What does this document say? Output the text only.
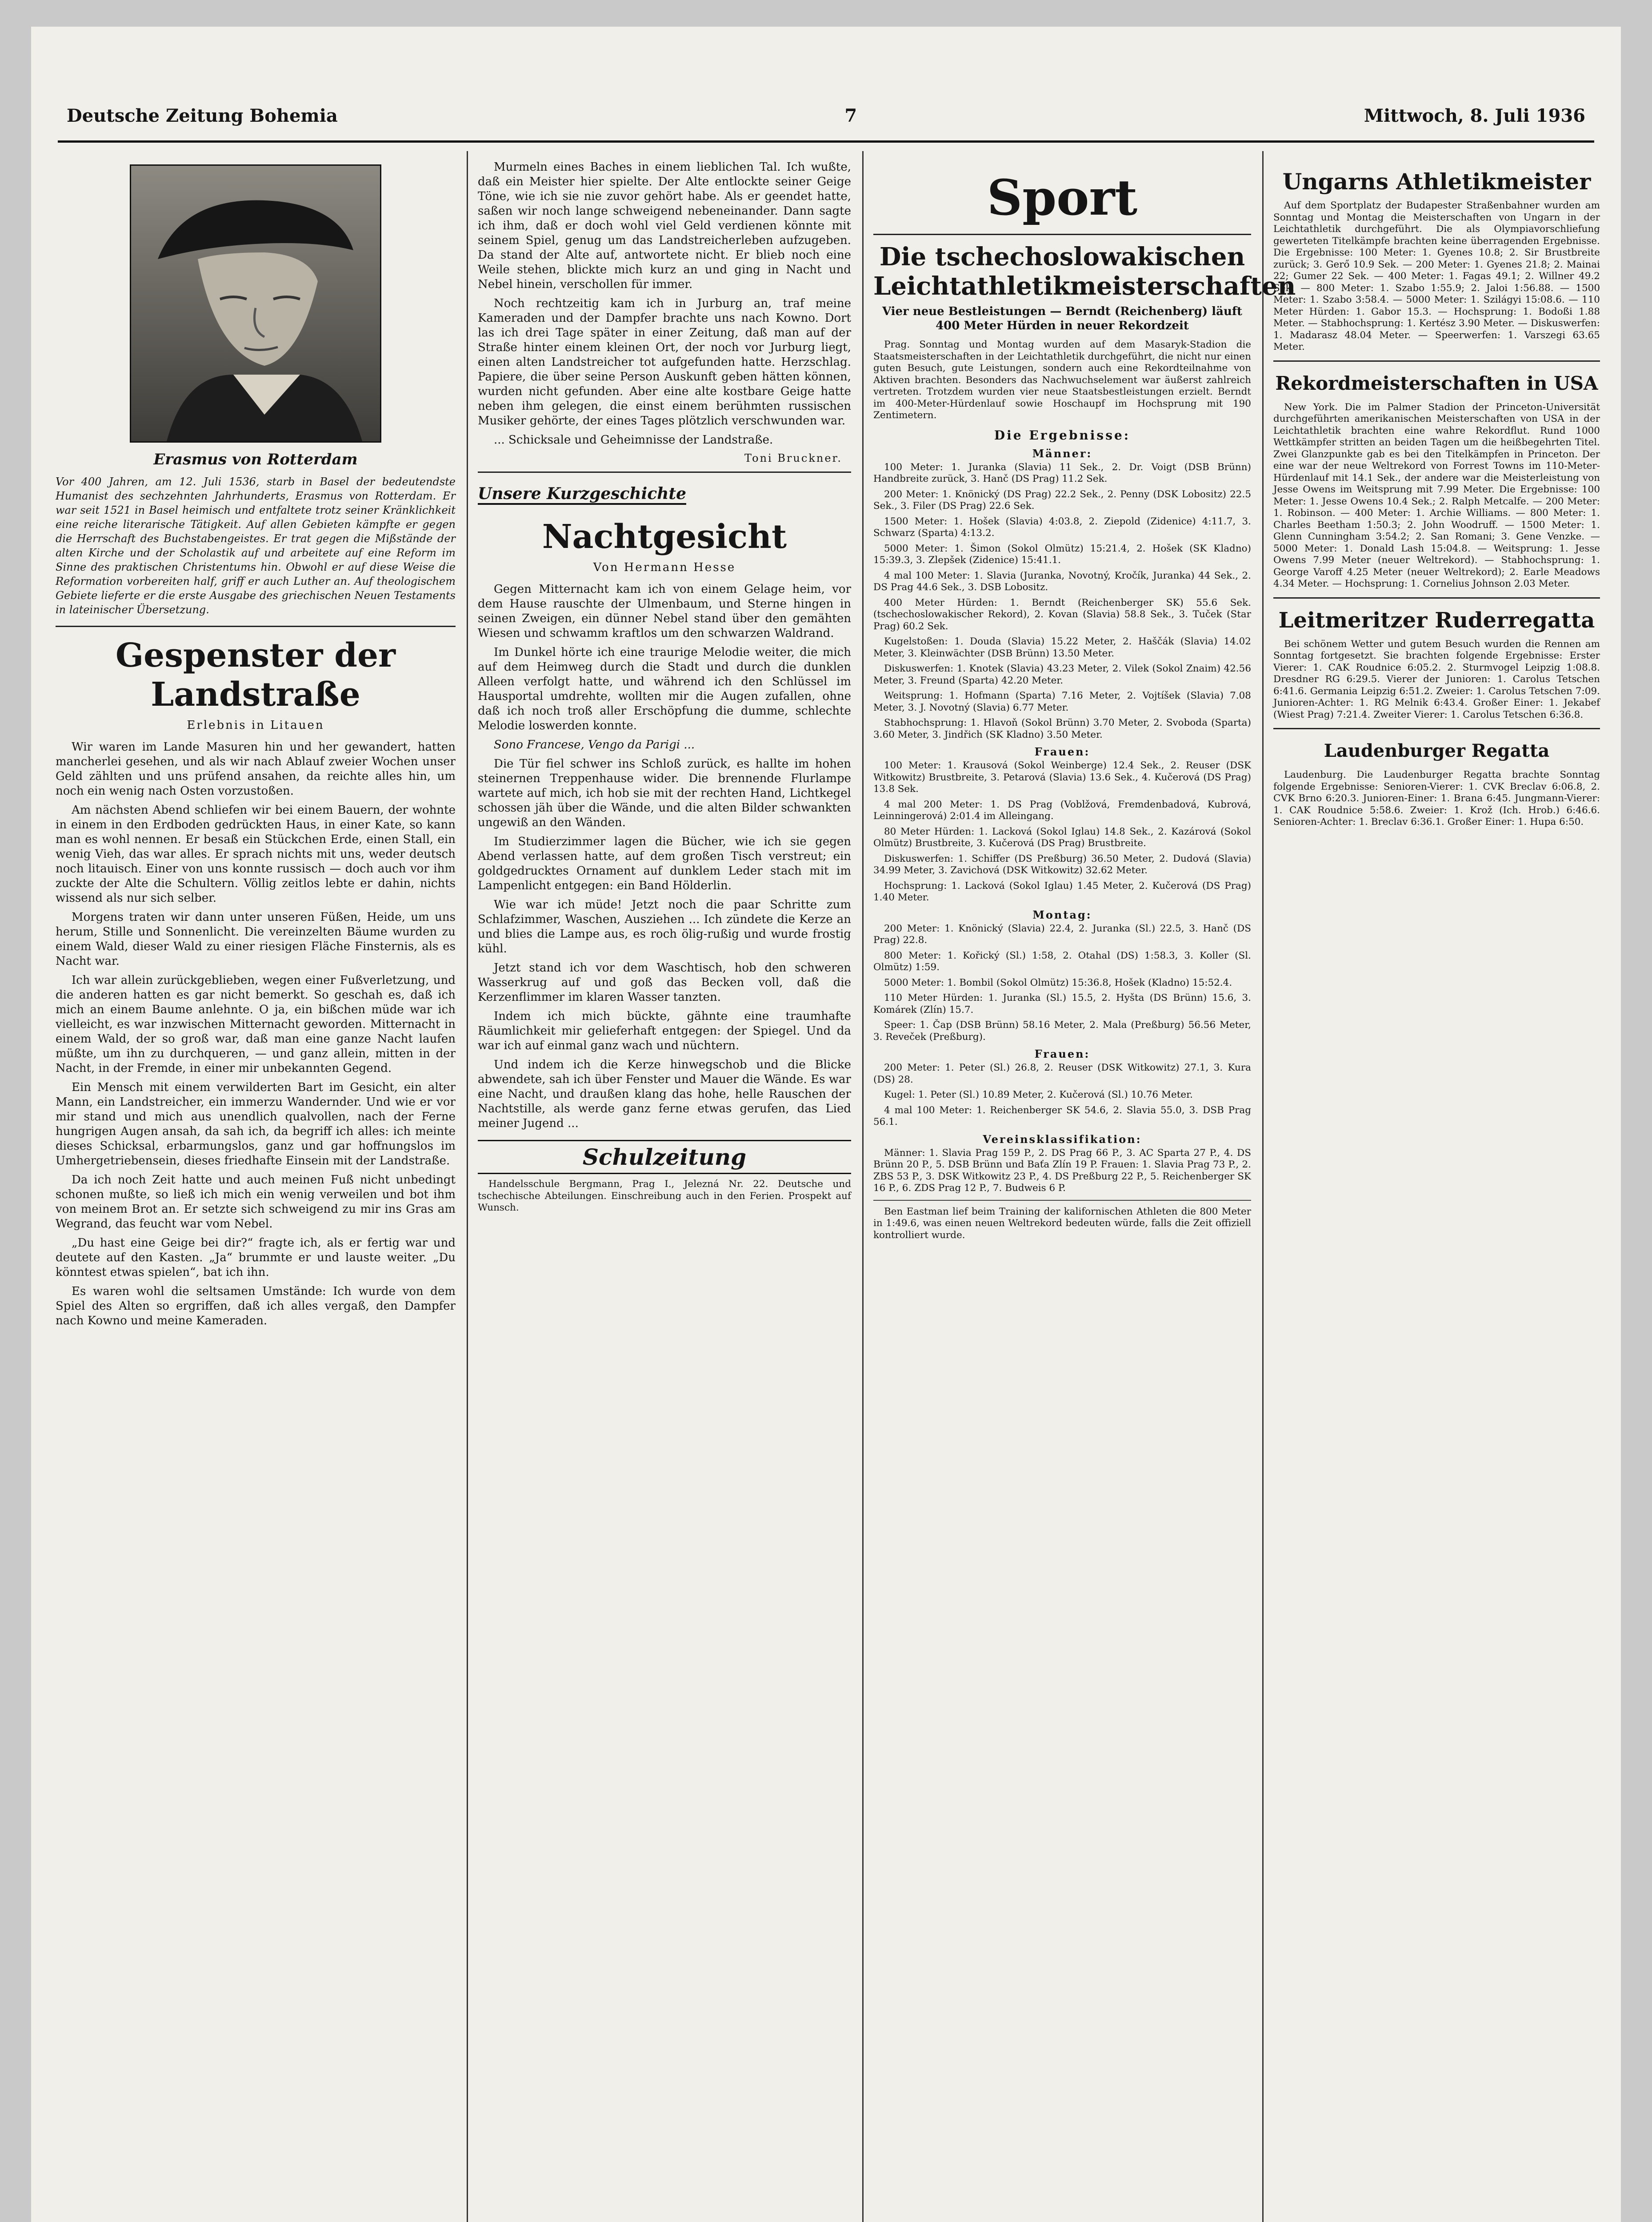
Deutsche Zeitung Bohemia	7	Mittwoch, 8. Juli 1936
Erasmus von Rotterdam
Vor 400 Jahren, am 12. Juli 1536, starb in Basel der bedeutendste Humanist des sechzehnten Jahrhunderts, Erasmus von Rotterdam. Er war seit 1521 in Basel heimisch und entfaltete trotz seiner Kränklichkeit eine reiche literarische Tätigkeit. Auf allen Gebieten kämpfte er gegen die Herrschaft des Buchstabengeistes. Er trat gegen die Mißstände der alten Kirche und der Scholastik auf und arbeitete auf eine Reform im Sinne des praktischen Christentums hin. Obwohl er auf diese Weise die Reformation vorbereiten half, griff er auch Luther an. Auf theologischem Gebiete lieferte er die erste Ausgabe des griechischen Neuen Testaments in lateinischer Übersetzung.
Gespenster der Landstraße
Erlebnis in Litauen

Wir waren im Lande Masuren hin und her gewandert, hatten mancherlei gesehen, und als wir nach Ablauf zweier Wochen unser Geld zählten und uns prüfend ansahen, da reichte alles hin, um noch ein wenig nach Osten vorzustoßen.

Am nächsten Abend schliefen wir bei einem Bauern, der wohnte in einem in den Erdboden gedrückten Haus, in einer Kate, so kann man es wohl nennen. Er besaß ein Stückchen Erde, einen Stall, ein wenig Vieh, das war alles. Er sprach nichts mit uns, weder deutsch noch litauisch. Einer von uns konnte russisch — doch auch vor ihm zuckte der Alte die Schultern. Völlig zeitlos lebte er dahin, nichts wissend als nur sich selber.

Morgens traten wir dann unter unseren Füßen, Heide, um uns herum, Stille und Sonnenlicht. Die vereinzelten Bäume wurden zu einem Wald, dieser Wald zu einer riesigen Fläche Finsternis, als es Nacht war.

Ich war allein zurückgeblieben, wegen einer Fußverletzung, und die anderen hatten es gar nicht bemerkt. So geschah es, daß ich mich an einem Baume anlehnte. O ja, ein bißchen müde war ich vielleicht, es war inzwischen Mitternacht geworden. Mitternacht in einem Wald, der so groß war, daß man eine ganze Nacht laufen müßte, um ihn zu durchqueren, — und ganz allein, mitten in der Nacht, in der Fremde, in einer mir unbekannten Gegend.

Ein Mensch mit einem verwilderten Bart im Gesicht, ein alter Mann, ein Landstreicher, ein immerzu Wandernder. Und wie er vor mir stand und mich aus unendlich qualvollen, nach der Ferne hungrigen Augen ansah, da sah ich, da begriff ich alles: ich meinte dieses Schicksal, erbarmungslos, ganz und gar hoffnungslos im Umhergetriebensein, dieses friedhafte Einsein mit der Landstraße.

Da ich noch Zeit hatte und auch meinen Fuß nicht unbedingt schonen mußte, so ließ ich mich ein wenig verweilen und bot ihm von meinem Brot an. Er setzte sich schweigend zu mir ins Gras am Wegrand, das feucht war vom Nebel.

„Du hast eine Geige bei dir?“ fragte ich, als er fertig war und deutete auf den Kasten. „Ja“ brummte er und lauste weiter. „Du könntest etwas spielen“, bat ich ihn.

Es waren wohl die seltsamen Umstände: Ich wurde von dem Spiel des Alten so ergriffen, daß ich alles vergaß, den Dampfer nach Kowno und meine Kameraden.

Murmeln eines Baches in einem lieblichen Tal. Ich wußte, daß ein Meister hier spielte. Der Alte entlockte seiner Geige Töne, wie ich sie nie zuvor gehört habe. Als er geendet hatte, saßen wir noch lange schweigend nebeneinander. Dann sagte ich ihm, daß er doch wohl viel Geld verdienen könnte mit seinem Spiel, genug um das Landstreicherleben aufzugeben. Da stand der Alte auf, antwortete nicht. Er blieb noch eine Weile stehen, blickte mich kurz an und ging in Nacht und Nebel hinein, verschollen für immer.

Noch rechtzeitig kam ich in Jurburg an, traf meine Kameraden und der Dampfer brachte uns nach Kowno. Dort las ich drei Tage später in einer Zeitung, daß man auf der Straße hinter einem kleinen Ort, der noch vor Jurburg liegt, einen alten Landstreicher tot aufgefunden hatte. Herzschlag. Papiere, die über seine Person Auskunft geben hätten können, wurden nicht gefunden. Aber eine alte kostbare Geige hatte neben ihm gelegen, die einst einem berühmten russischen Musiker gehörte, der eines Tages plötzlich verschwunden war.

... Schicksale und Geheimnisse der Landstraße.

Toni Bruckner.
Unsere Kurzgeschichte
Nachtgesicht
Von Hermann Hesse

Gegen Mitternacht kam ich von einem Gelage heim, vor dem Hause rauschte der Ulmenbaum, und Sterne hingen in seinen Zweigen, ein dünner Nebel stand über den gemähten Wiesen und schwamm kraftlos um den schwarzen Waldrand.

Im Dunkel hörte ich eine traurige Melodie weiter, die mich auf dem Heimweg durch die Stadt und durch die dunklen Alleen verfolgt hatte, und während ich den Schlüssel im Hausportal umdrehte, wollten mir die Augen zufallen, ohne daß ich noch troß aller Erschöpfung die dumme, schlechte Melodie loswerden konnte.

Sono Francese, Vengo da Parigi ...

Die Tür fiel schwer ins Schloß zurück, es hallte im hohen steinernen Treppenhause wider. Die brennende Flurlampe wartete auf mich, ich hob sie mit der rechten Hand, Lichtkegel schossen jäh über die Wände, und die alten Bilder schwankten ungewiß an den Wänden.

Im Studierzimmer lagen die Bücher, wie ich sie gegen Abend verlassen hatte, auf dem großen Tisch verstreut; ein goldgedrucktes Ornament auf dunklem Leder stach mit im Lampenlicht entgegen: ein Band Hölderlin.

Wie war ich müde! Jetzt noch die paar Schritte zum Schlafzimmer, Waschen, Ausziehen ... Ich zündete die Kerze an und blies die Lampe aus, es roch ölig-rußig und wurde frostig kühl.

Jetzt stand ich vor dem Waschtisch, hob den schweren Wasserkrug auf und goß das Becken voll, daß die Kerzenflimmer im klaren Wasser tanzten.

Indem ich mich bückte, gähnte eine traumhafte Räumlichkeit mir gelieferhaft entgegen: der Spiegel. Und da war ich auf einmal ganz wach und nüchtern.

Und indem ich die Kerze hinwegschob und die Blicke abwendete, sah ich über Fenster und Mauer die Wände. Es war eine Nacht, und draußen klang das hohe, helle Rauschen der Nachtstille, als werde ganz ferne etwas gerufen, das Lied meiner Jugend ...

Schulzeitung

Handelsschule Bergmann, Prag I., Jelezná Nr. 22. Deutsche und tschechische Abteilungen. Einschreibung auch in den Ferien. Prospekt auf Wunsch.

Sport
Die tschechoslowakischen Leichtathletikmeisterschaften
Vier neue Bestleistungen — Berndt (Reichenberg) läuft 400 Meter Hürden in neuer Rekordzeit

Prag. Sonntag und Montag wurden auf dem Masaryk-Stadion die Staatsmeisterschaften in der Leichtathletik durchgeführt, die nicht nur einen guten Besuch, gute Leistungen, sondern auch eine Rekordteilnahme von Aktiven brachten. Besonders das Nachwuchselement war äußerst zahlreich vertreten. Trotzdem wurden vier neue Staatsbestleistungen erzielt. Berndt im 400-Meter-Hürdenlauf sowie Hoschaupf im Hochsprung mit 190 Zentimetern.

Die Ergebnisse:
Männer:

100 Meter: 1. Juranka (Slavia) 11 Sek., 2. Dr. Voigt (DSB Brünn) Handbreite zurück, 3. Hanč (DS Prag) 11.2 Sek.

200 Meter: 1. Knönický (DS Prag) 22.2 Sek., 2. Penny (DSK Lobositz) 22.5 Sek., 3. Filer (DS Prag) 22.6 Sek.

1500 Meter: 1. Hošek (Slavia) 4:03.8, 2. Ziepold (Zidenice) 4:11.7, 3. Schwarz (Sparta) 4:13.2.

5000 Meter: 1. Šimon (Sokol Olmütz) 15:21.4, 2. Hošek (SK Kladno) 15:39.3, 3. Zlepšek (Zidenice) 15:41.1.

4 mal 100 Meter: 1. Slavia (Juranka, Novotný, Kročík, Juranka) 44 Sek., 2. DS Prag 44.6 Sek., 3. DSB Lobositz.

400 Meter Hürden: 1. Berndt (Reichenberger SK) 55.6 Sek. (tschechoslowakischer Rekord), 2. Kovan (Slavia) 58.8 Sek., 3. Tuček (Star Prag) 60.2 Sek.

Kugelstoßen: 1. Douda (Slavia) 15.22 Meter, 2. Haščák (Slavia) 14.02 Meter, 3. Kleinwächter (DSB Brünn) 13.50 Meter.

Diskuswerfen: 1. Knotek (Slavia) 43.23 Meter, 2. Vilek (Sokol Znaim) 42.56 Meter, 3. Freund (Sparta) 42.20 Meter.

Weitsprung: 1. Hofmann (Sparta) 7.16 Meter, 2. Vojtíšek (Slavia) 7.08 Meter, 3. J. Novotný (Slavia) 6.77 Meter.

Stabhochsprung: 1. Hlavoň (Sokol Brünn) 3.70 Meter, 2. Svoboda (Sparta) 3.60 Meter, 3. Jindřich (SK Kladno) 3.50 Meter.

Frauen:

100 Meter: 1. Krausová (Sokol Weinberge) 12.4 Sek., 2. Reuser (DSK Witkowitz) Brustbreite, 3. Petarová (Slavia) 13.6 Sek., 4. Kučerová (DS Prag) 13.8 Sek.

4 mal 200 Meter: 1. DS Prag (Voblžová, Fremdenbadová, Kubrová, Leinningerová) 2:01.4 im Alleingang.

80 Meter Hürden: 1. Lacková (Sokol Iglau) 14.8 Sek., 2. Kazárová (Sokol Olmütz) Brustbreite, 3. Kučerová (DS Prag) Brustbreite.

Diskuswerfen: 1. Schiffer (DS Preßburg) 36.50 Meter, 2. Dudová (Slavia) 34.99 Meter, 3. Zavichová (DSK Witkowitz) 32.62 Meter.

Hochsprung: 1. Lacková (Sokol Iglau) 1.45 Meter, 2. Kučerová (DS Prag) 1.40 Meter.

Montag:

200 Meter: 1. Knönický (Slavia) 22.4, 2. Juranka (Sl.) 22.5, 3. Hanč (DS Prag) 22.8.

800 Meter: 1. Kořický (Sl.) 1:58, 2. Otahal (DS) 1:58.3, 3. Koller (Sl. Olmütz) 1:59.

5000 Meter: 1. Bombil (Sokol Olmütz) 15:36.8, Hošek (Kladno) 15:52.4.

110 Meter Hürden: 1. Juranka (Sl.) 15.5, 2. Hyšta (DS Brünn) 15.6, 3. Komárek (Zlín) 15.7.

Speer: 1. Čap (DSB Brünn) 58.16 Meter, 2. Mala (Preßburg) 56.56 Meter, 3. Reveček (Preßburg).

Frauen:

200 Meter: 1. Peter (Sl.) 26.8, 2. Reuser (DSK Witkowitz) 27.1, 3. Kura (DS) 28.

Kugel: 1. Peter (Sl.) 10.89 Meter, 2. Kučerová (Sl.) 10.76 Meter.

4 mal 100 Meter: 1. Reichenberger SK 54.6, 2. Slavia 55.0, 3. DSB Prag 56.1.

Vereinsklassifikation:

Männer: 1. Slavia Prag 159 P., 2. DS Prag 66 P., 3. AC Sparta 27 P., 4. DS Brünn 20 P., 5. DSB Brünn und Baťa Zlín 19 P. Frauen: 1. Slavia Prag 73 P., 2. ZBS 53 P., 3. DSK Witkowitz 23 P., 4. DS Preßburg 22 P., 5. Reichenberger SK 16 P., 6. ZDS Prag 12 P., 7. Budweis 6 P.

Ben Eastman lief beim Training der kalifornischen Athleten die 800 Meter in 1:49.6, was einen neuen Weltrekord bedeuten würde, falls die Zeit offiziell kontrolliert wurde.

Ungarns Athletikmeister

Auf dem Sportplatz der Budapester Straßenbahner wurden am Sonntag und Montag die Meisterschaften von Ungarn in der Leichtathletik durchgeführt. Die als Olympiavorschliefung gewerteten Titelkämpfe brachten keine überragenden Ergebnisse. Die Ergebnisse: 100 Meter: 1. Gyenes 10.8; 2. Sir Brustbreite zurück; 3. Gerő 10.9 Sek. — 200 Meter: 1. Gyenes 21.8; 2. Mainai 22; Gumer 22 Sek. — 400 Meter: 1. Fagas 49.1; 2. Willner 49.2 Sek. — 800 Meter: 1. Szabo 1:55.9; 2. Jaloi 1:56.88. — 1500 Meter: 1. Szabo 3:58.4. — 5000 Meter: 1. Szilágyi 15:08.6. — 110 Meter Hürden: 1. Gabor 15.3. — Hochsprung: 1. Bodoßi 1.88 Meter. — Stabhochsprung: 1. Kertész 3.90 Meter. — Diskuswerfen: 1. Madarasz 48.04 Meter. — Speerwerfen: 1. Varszegi 63.65 Meter.

Rekordmeisterschaften in USA

New York. Die im Palmer Stadion der Princeton-Universität durchgeführten amerikanischen Meisterschaften von USA in der Leichtathletik brachten eine wahre Rekordflut. Rund 1000 Wettkämpfer stritten an beiden Tagen um die heißbegehrten Titel. Zwei Glanzpunkte gab es bei den Titelkämpfen in Princeton. Der eine war der neue Weltrekord von Forrest Towns im 110-Meter-Hürdenlauf mit 14.1 Sek., der andere war die Meisterleistung von Jesse Owens im Weitsprung mit 7.99 Meter. Die Ergebnisse: 100 Meter: 1. Jesse Owens 10.4 Sek.; 2. Ralph Metcalfe. — 200 Meter: 1. Robinson. — 400 Meter: 1. Archie Williams. — 800 Meter: 1. Charles Beetham 1:50.3; 2. John Woodruff. — 1500 Meter: 1. Glenn Cunningham 3:54.2; 2. San Romani; 3. Gene Venzke. — 5000 Meter: 1. Donald Lash 15:04.8. — Weitsprung: 1. Jesse Owens 7.99 Meter (neuer Weltrekord). — Stabhochsprung: 1. George Varoff 4.25 Meter (neuer Weltrekord); 2. Earle Meadows 4.34 Meter. — Hochsprung: 1. Cornelius Johnson 2.03 Meter.

Leitmeritzer Ruderregatta

Bei schönem Wetter und gutem Besuch wurden die Rennen am Sonntag fortgesetzt. Sie brachten folgende Ergebnisse: Erster Vierer: 1. CAK Roudnice 6:05.2. 2. Sturmvogel Leipzig 1:08.8. Dresdner RG 6:29.5. Vierer der Junioren: 1. Carolus Tetschen 6:41.6. Germania Leipzig 6:51.2. Zweier: 1. Carolus Tetschen 7:09. Junioren-Achter: 1. RG Melnik 6:43.4. Großer Einer: 1. Jekabef (Wiest Prag) 7:21.4. Zweiter Vierer: 1. Carolus Tetschen 6:36.8.

Laudenburger Regatta

Laudenburg. Die Laudenburger Regatta brachte Sonntag folgende Ergebnisse: Senioren-Vierer: 1. CVK Breclav 6:06.8, 2. CVK Brno 6:20.3. Junioren-Einer: 1. Brana 6:45. Jungmann-Vierer: 1. CAK Roudnice 5:58.6. Zweier: 1. Krož (Ich. Hrob.) 6:46.6. Senioren-Achter: 1. Breclav 6:36.1. Großer Einer: 1. Hupa 6:50.
